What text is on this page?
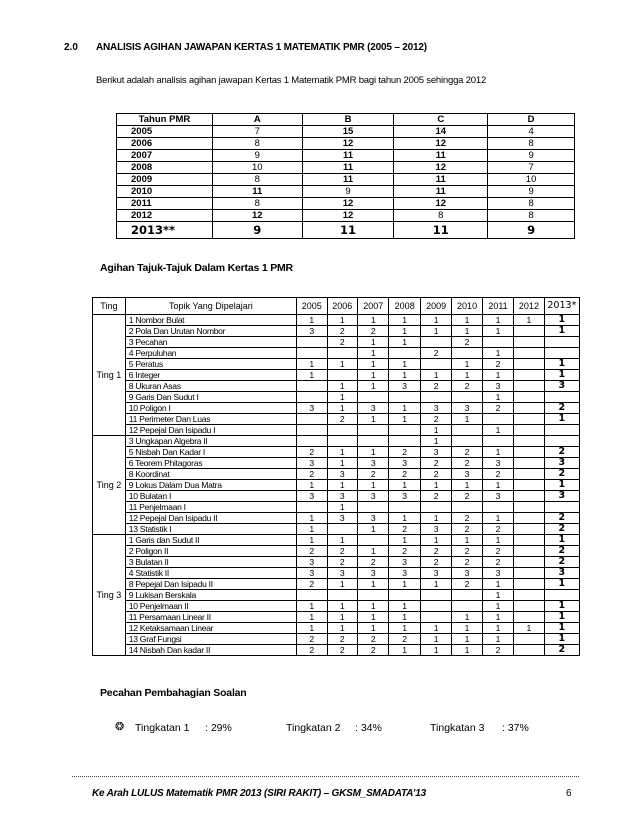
2.0 ANALISIS AGIHAN JAWAPAN KERTAS 1 MATEMATIK PMR (2005 – 2012)
Berikut adalah analisis agihan jawapan Kertas 1 Matematik PMR bagi tahun 2005 sehingga 2012
Tahun PMR	A	B	C	D
2005	7	15	14	4
2006	8	12	12	8
2007	9	11	11	9
2008	10	11	12	7
2009	8	11	11	10
2010	11	9	11	9
2011	8	12	12	8
2012	12	12	8	8
2013**	9	11	11	9
Agihan Tajuk-Tajuk Dalam Kertas 1 PMR
Ting	Topik Yang Dipelajari	2005	2006	2007	2008	2009	2010	2011	2012	2013*
Ting 1	1 Nombor Bulat	1	1	1	1	1	1	1	1	1
	2 Pola Dan Urutan Nombor	3	2	2	1	1	1	1		1
	3 Pecahan		2	1	1		2			
	4 Perpuluhan			1		2		1		
	5 Peratus	1	1	1	1		1	2		1
	6 Integer	1		1	1	1	1	1		1
	8 Ukuran Asas		1	1	3	2	2	3		3
	9 Garis Dan Sudut I		1					1		
	10 Poligon I	3	1	3	1	3	3	2		2
	11 Perimeter Dan Luas		2	1	1	2	1			1
	12 Pepejal Dan Isipadu I					1		1		
Ting 2	3 Ungkapan Algebra II					1				
	5 Nisbah Dan Kadar I	2	1	1	2	3	2	1		2
	6 Teorem Phitagoras	3	1	3	3	2	2	3		3
	8 Koordinat	2	3	2	2	2	3	2		2
	9 Lokus Dalam Dua Matra	1	1	1	1	1	1	1		1
	10 Bulatan I	3	3	3	3	2	2	3		3
	11 Penjelmaan I		1							
	12 Pepejal Dan Isipadu II	1	3	3	1	1	2	1		2
	13 Statistik I	1		1	2	3	2	2		2
Ting 3	1 Garis dan Sudut II	1	1		1	1	1	1		1
	2 Poligon II	2	2	1	2	2	2	2		2
	3 Bulatan II	3	2	2	3	2	2	2		2
	4 Statistik II	3	3	3	3	3	3	3		3
	8 Pepejal Dan Isipadu II	2	1	1	1	1	2	1		1
	9 Lukisan Berskala							1		
	10 Penjelmaan II	1	1	1	1			1		1
	11 Persamaan Linear II	1	1	1	1		1	1		1
	12 Ketaksamaan Linear	1	1	1	1	1	1	1	1	1
	13 Graf Fungsi	2	2	2	2	1	1	1		1
	14 Nisbah Dan kadar II	2	2	2	1	1	1	2		2
Pecahan Pembahagian Soalan
❂ Tingkatan 1 : 29%	Tingkatan 2 : 34%	Tingkatan 3 : 37%
Ke Arah LULUS Matematik PMR 2013 (SIRI RAKIT) – GKSM_SMADATA’13	6
